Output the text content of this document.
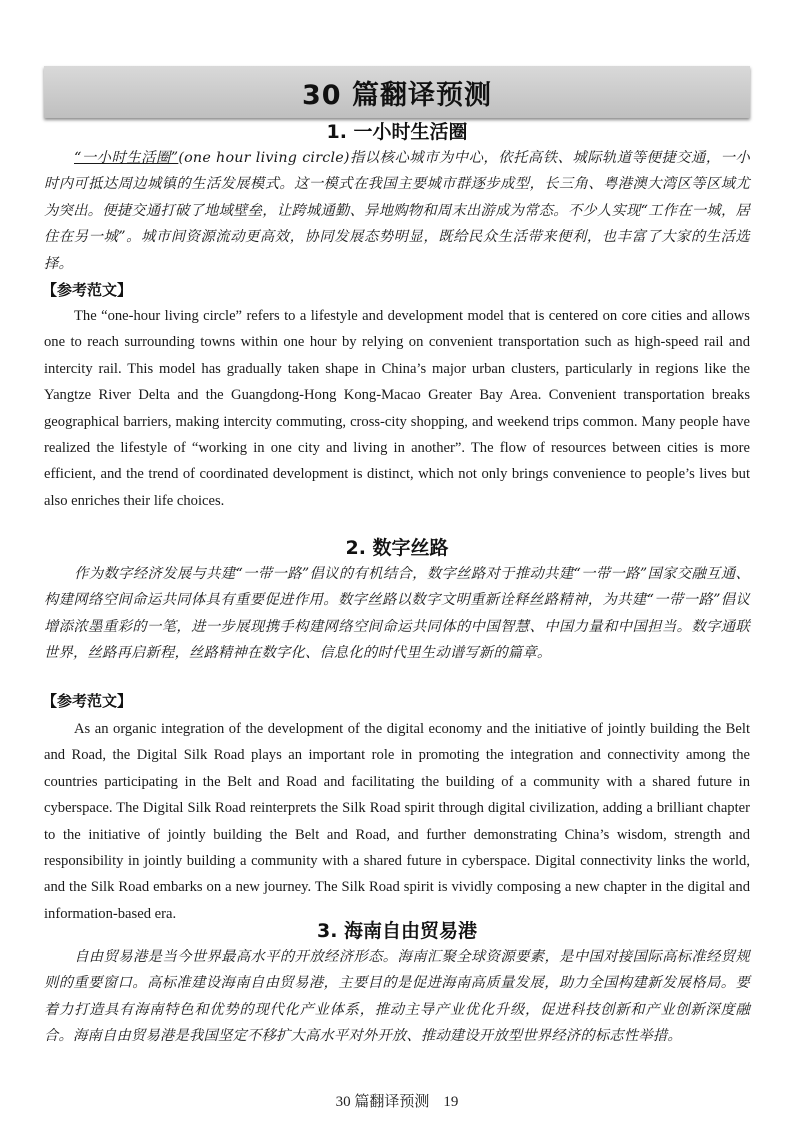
30 篇翻译预测
1. 一小时生活圈

“一小时生活圈”(one hour living circle)指以核心城市为中心，依托高铁、城际轨道等便捷交通，一小时内可抵达周边城镇的生活发展模式。这一模式在我国主要城市群逐步成型，长三角、粤港澳大湾区等区域尤为突出。便捷交通打破了地域壁垒，让跨城通勤、异地购物和周末出游成为常态。不少人实现“工作在一城，居住在另一城”。城市间资源流动更高效，协同发展态势明显，既给民众生活带来便利，也丰富了大家的生活选择。

【参考范文】

The “one-hour living circle” refers to a lifestyle and development model that is centered on core cities and allows one to reach surrounding towns within one hour by relying on convenient transportation such as high-speed rail and intercity rail. This model has gradually taken shape in China’s major urban clusters, particularly in regions like the Yangtze River Delta and the Guangdong-Hong Kong-Macao Greater Bay Area. Convenient transportation breaks geographical barriers, making intercity commuting, cross-city shopping, and weekend trips common. Many people have realized the lifestyle of “working in one city and living in another”. The flow of resources between cities is more efficient, and the trend of coordinated development is distinct, which not only brings convenience to people’s lives but also enriches their life choices.

2. 数字丝路

作为数字经济发展与共建“一带一路”倡议的有机结合，数字丝路对于推动共建“一带一路”国家交融互通、构建网络空间命运共同体具有重要促进作用。数字丝路以数字文明重新诠释丝路精神，为共建“一带一路”倡议增添浓墨重彩的一笔，进一步展现携手构建网络空间命运共同体的中国智慧、中国力量和中国担当。数字通联世界，丝路再启新程，丝路精神在数字化、信息化的时代里生动谱写新的篇章。

【参考范文】

As an organic integration of the development of the digital economy and the initiative of jointly building the Belt and Road, the Digital Silk Road plays an important role in promoting the integration and connectivity among the countries participating in the Belt and Road and facilitating the building of a community with a shared future in cyberspace. The Digital Silk Road reinterprets the Silk Road spirit through digital civilization, adding a brilliant chapter to the initiative of jointly building the Belt and Road, and further demonstrating China’s wisdom, strength and responsibility in jointly building a community with a shared future in cyberspace. Digital connectivity links the world, and the Silk Road embarks on a new journey. The Silk Road spirit is vividly composing a new chapter in the digital and information-based era.

3. 海南自由贸易港

自由贸易港是当今世界最高水平的开放经济形态。海南汇聚全球资源要素，是中国对接国际高标准经贸规则的重要窗口。高标准建设海南自由贸易港，主要目的是促进海南高质量发展，助力全国构建新发展格局。要着力打造具有海南特色和优势的现代化产业体系，推动主导产业优化升级，促进科技创新和产业创新深度融合。海南自由贸易港是我国坚定不移扩大高水平对外开放、推动建设开放型世界经济的标志性举措。

30 篇翻译预测 19
